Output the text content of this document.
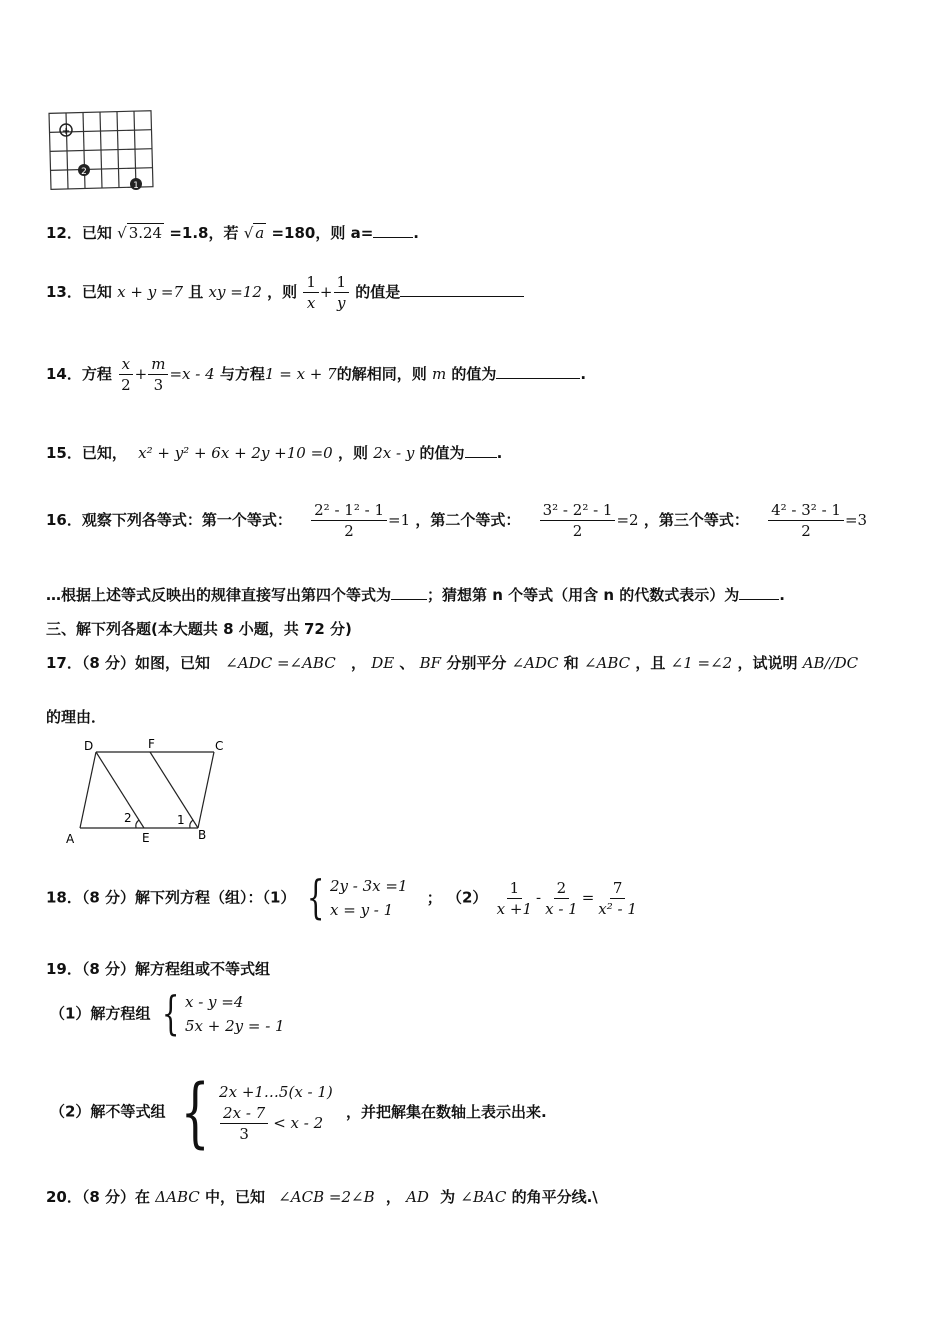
+
2
1
12．已知 √ 3.24 =1.8，若 √ a =180，则 a=	.
13．已知 x + y =7 且 xy =12 ，则 $\frac{1}{x} + \frac{1}{y}$ 的值是
14．方程 $\frac{x}{2} + \frac{m}{3} =x - 4$ 与方程1 = x + 7的解相同，则 m 的值为	.
15．已知， x² + y² + 6x + 2y +10 =0 ，则 2x - y 的值为 .
16．观察下列各等式：第一个等式： $\frac{\text{2² - 1² - 1}}{2} =1$ ，第二个等式： $\frac{\text{3² - 2² - 1}}{2} =2$ ，第三个等式： $\frac{\text{4² - 3² - 1}}{2} =3$
…根据上述等式反映出的规律直接写出第四个等式为 ；猜想第 n 个等式（用含 n 的代数式表示）为	.
三、解下列各题(本大题共 8 小题，共 72 分)
17．（8 分）如图，已知 ∠ADC =∠ABC ， DE 、 BF 分别平分 ∠ADC 和 ∠ABC ，且 ∠1 =∠2 ，试说明 AB//DC
的理由．
D	F	C
A	E	B
2	1
18．（8 分）解下列方程（组）：（1） { 2y - 3x =1
x = y - 1
； $(2) \frac{1}{x +1} - \frac{2}{x - 1} = \frac{7}{\text{x² - 1}}$
19．（8 分）解方程组或不等式组
（1）解方程组 { x - y =4
5x + 2y = - 1
（2）解不等式组 { 2x +1…5(x - 1)
$\frac{2x - 7}{3} < x - 2$
，并把解集在数轴上表示出来.
20．（8 分）在 ΔABC 中，已知 ∠ACB =2∠B ， AD 为 ∠BAC 的角平分线.\
